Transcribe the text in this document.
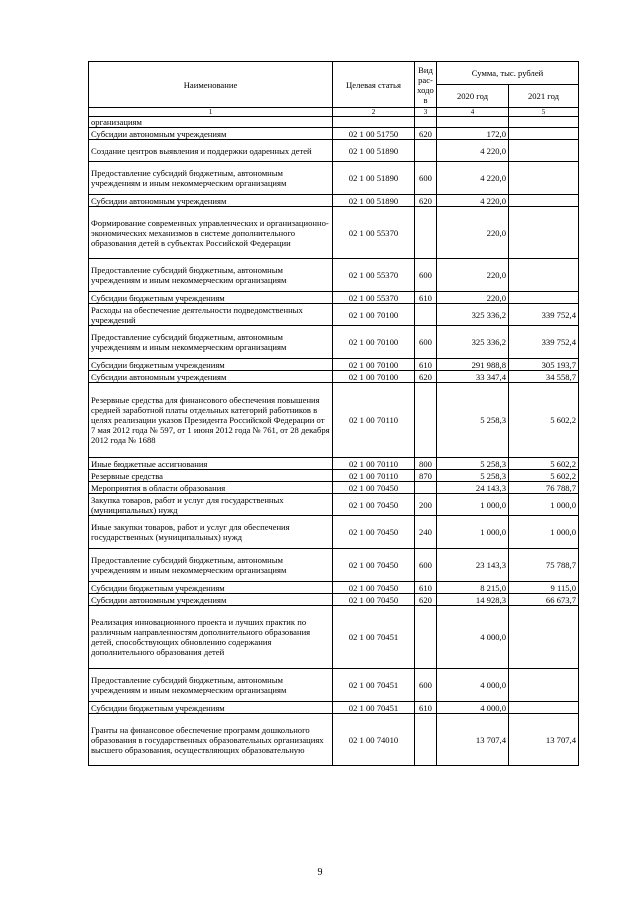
Наименование	Целевая статья	Вид рас-ходов	Сумма, тыс. рублей	
			2020 год	2021 год
1	2	3	4	5
организациям				
Субсидии автономным учреждениям	02 1 00 51750	620	172,0	
Создание центров выявления и поддержки одаренных детей	02 1 00 51890		4 220,0	
Предоставление субсидий бюджетным, автономным учреждениям и иным некоммерческим организациям	02 1 00 51890	600	4 220,0	
Субсидии автономным учреждениям	02 1 00 51890	620	4 220,0	
Формирование современных управленческих и организационно-экономических механизмов в системе дополнительного образования детей в субъектах Российской Федерации	02 1 00 55370		220,0	
Предоставление субсидий бюджетным, автономным учреждениям и иным некоммерческим организациям	02 1 00 55370	600	220,0	
Субсидии бюджетным учреждениям	02 1 00 55370	610	220,0	
Расходы на обеспечение деятельности подведомственных учреждений	02 1 00 70100		325 336,2	339 752,4
Предоставление субсидий бюджетным, автономным учреждениям и иным некоммерческим организациям	02 1 00 70100	600	325 336,2	339 752,4
Субсидии бюджетным учреждениям	02 1 00 70100	610	291 988,8	305 193,7
Субсидии автономным учреждениям	02 1 00 70100	620	33 347,4	34 558,7
Резервные средства для финансового обеспечения повышения средней заработной платы отдельных категорий работников в целях реализации указов Президента Российской Федерации от 7 мая 2012 года № 597, от 1 июня 2012 года № 761, от 28 декабря 2012 года № 1688	02 1 00 70110		5 258,3	5 602,2
Иные бюджетные ассигнования	02 1 00 70110	800	5 258,3	5 602,2
Резервные средства	02 1 00 70110	870	5 258,3	5 602,2
Мероприятия в области образования	02 1 00 70450		24 143,3	76 788,7
Закупка товаров, работ и услуг для государственных (муниципальных) нужд	02 1 00 70450	200	1 000,0	1 000,0
Иные закупки товаров, работ и услуг для обеспечения государственных (муниципальных) нужд	02 1 00 70450	240	1 000,0	1 000,0
Предоставление субсидий бюджетным, автономным учреждениям и иным некоммерческим организациям	02 1 00 70450	600	23 143,3	75 788,7
Субсидии бюджетным учреждениям	02 1 00 70450	610	8 215,0	9 115,0
Субсидии автономным учреждениям	02 1 00 70450	620	14 928,3	66 673,7
Реализация инновационного проекта и лучших практик по различным направленностям дополнительного образования детей, способствующих обновлению содержания дополнительного образования детей	02 1 00 70451		4 000,0	
Предоставление субсидий бюджетным, автономным учреждениям и иным некоммерческим организациям	02 1 00 70451	600	4 000,0	
Субсидии бюджетным учреждениям	02 1 00 70451	610	4 000,0	
Гранты на финансовое обеспечение программ дошкольного образования в государственных образовательных организациях высшего образования, осуществляющих образовательную	02 1 00 74010		13 707,4	13 707,4
9
